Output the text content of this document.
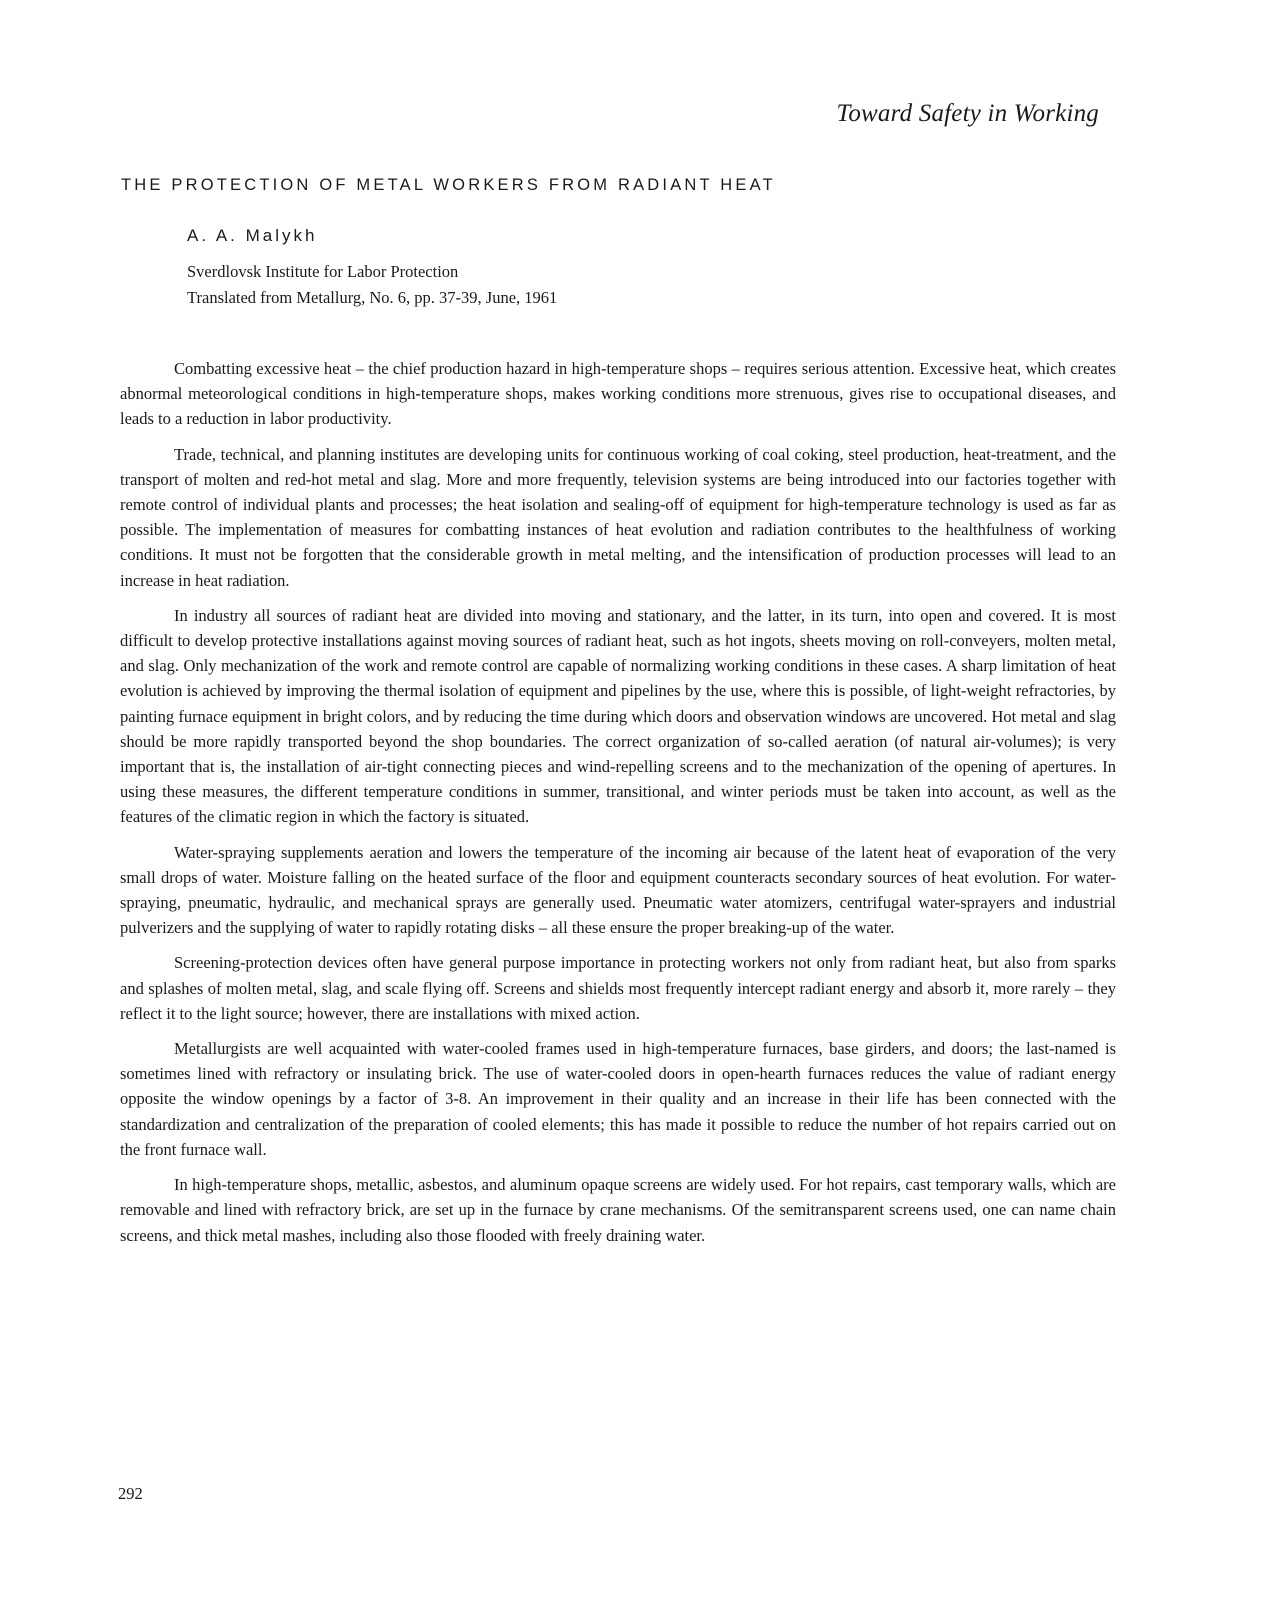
Toward Safety in Working
THE PROTECTION OF METAL WORKERS FROM RADIANT HEAT
A. A. Malykh
Sverdlovsk Institute for Labor Protection
Translated from Metallurg, No. 6, pp. 37-39, June, 1961

Combatting excessive heat – the chief production hazard in high-temperature shops – requires serious attention. Excessive heat, which creates abnormal meteorological conditions in high-temperature shops, makes working conditions more strenuous, gives rise to occupational diseases, and leads to a reduction in labor productivity.

Trade, technical, and planning institutes are developing units for continuous working of coal coking, steel production, heat-treatment, and the transport of molten and red-hot metal and slag. More and more frequently, television systems are being introduced into our factories together with remote control of individual plants and processes; the heat isolation and sealing-off of equipment for high-temperature technology is used as far as possible. The implementation of measures for combatting instances of heat evolution and radiation contributes to the healthfulness of working conditions. It must not be forgotten that the considerable growth in metal melting, and the intensification of production processes will lead to an increase in heat radiation.

In industry all sources of radiant heat are divided into moving and stationary, and the latter, in its turn, into open and covered. It is most difficult to develop protective installations against moving sources of radiant heat, such as hot ingots, sheets moving on roll-conveyers, molten metal, and slag. Only mechanization of the work and remote control are capable of normalizing working conditions in these cases. A sharp limitation of heat evolution is achieved by improving the thermal isolation of equipment and pipelines by the use, where this is possible, of light-weight refractories, by painting furnace equipment in bright colors, and by reducing the time during which doors and observation windows are uncovered. Hot metal and slag should be more rapidly transported beyond the shop boundaries. The correct organization of so-called aeration (of natural air-volumes); is very important that is, the installation of air-tight connecting pieces and wind-repelling screens and to the mechanization of the opening of apertures. In using these measures, the different temperature conditions in summer, transitional, and winter periods must be taken into account, as well as the features of the climatic region in which the factory is situated.

Water-spraying supplements aeration and lowers the temperature of the incoming air because of the latent heat of evaporation of the very small drops of water. Moisture falling on the heated surface of the floor and equipment counteracts secondary sources of heat evolution. For water-spraying, pneumatic, hydraulic, and mechanical sprays are generally used. Pneumatic water atomizers, centrifugal water-sprayers and industrial pulverizers and the supplying of water to rapidly rotating disks – all these ensure the proper breaking-up of the water.

Screening-protection devices often have general purpose importance in protecting workers not only from radiant heat, but also from sparks and splashes of molten metal, slag, and scale flying off. Screens and shields most frequently intercept radiant energy and absorb it, more rarely – they reflect it to the light source; however, there are installations with mixed action.

Metallurgists are well acquainted with water-cooled frames used in high-temperature furnaces, base girders, and doors; the last-named is sometimes lined with refractory or insulating brick. The use of water-cooled doors in open-hearth furnaces reduces the value of radiant energy opposite the window openings by a factor of 3-8. An improvement in their quality and an increase in their life has been connected with the standardization and centralization of the preparation of cooled elements; this has made it possible to reduce the number of hot repairs carried out on the front furnace wall.

In high-temperature shops, metallic, asbestos, and aluminum opaque screens are widely used. For hot repairs, cast temporary walls, which are removable and lined with refractory brick, are set up in the furnace by crane mechanisms. Of the semitransparent screens used, one can name chain screens, and thick metal mashes, including also those flooded with freely draining water.

292
